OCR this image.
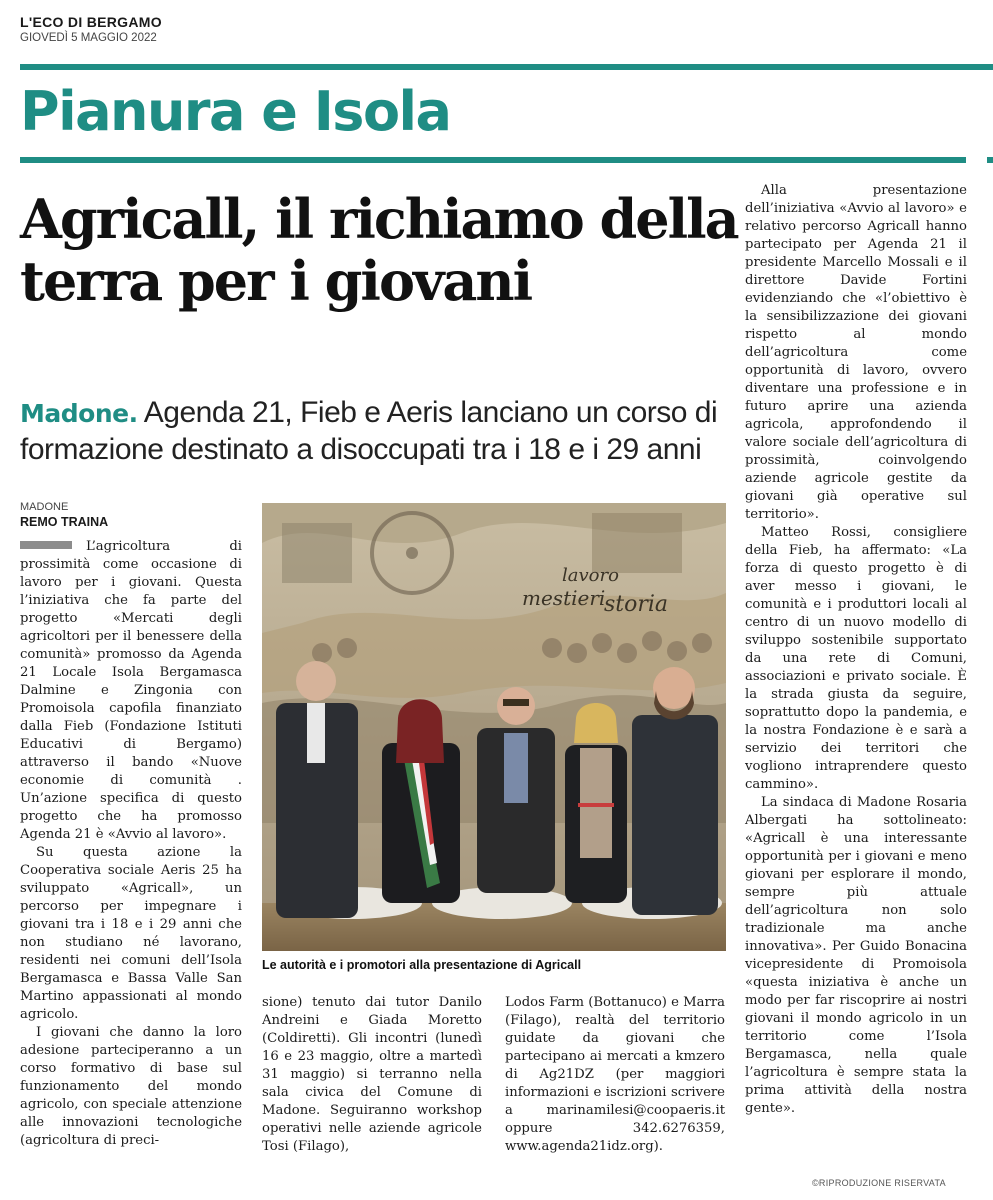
L'ECO DI BERGAMO
GIOVEDÌ 5 MAGGIO 2022
Pianura e Isola
Agricall, il richiamo della terra per i giovani
Madone. Agenda 21, Fieb e Aeris lanciano un corso di formazione destinato a disoccupati tra i 18 e i 29 anni
MADONE
REMO TRAINA

L’agricoltura di prossimità come occasione di lavoro per i giovani. Questa l’iniziativa che fa parte del progetto «Mercati degli agricoltori per il benessere della comunità» promosso da Agenda 21 Locale Isola Bergamasca Dalmine e Zingonia con Promoisola capofila finanziato dalla Fieb (Fondazione Istituti Educativi di Bergamo) attraverso il bando «Nuove economie di comunità . Un’azione specifica di questo progetto che ha promosso Agenda 21 è «Avvio al lavoro».

Su questa azione la Cooperativa sociale Aeris 25 ha sviluppato «Agricall», un percorso per impegnare i giovani tra i 18 e i 29 anni che non studiano né lavorano, residenti nei comuni dell’Isola Bergamasca e Bassa Valle San Martino appassionati al mondo agricolo.

I giovani che danno la loro adesione parteciperanno a un corso formativo di base sul funzionamento del mondo agricolo, con speciale attenzione alle innovazioni tecnologiche (agricoltura di preci-

lavoro
mestieri
storia
Le autorità e i promotori alla presentazione di Agricall

sione) tenuto dai tutor Danilo Andreini e Giada Moretto (Coldiretti). Gli incontri (lunedì 16 e 23 maggio, oltre a martedì 31 maggio) si terranno nella sala civica del Comune di Madone. Seguiranno workshop operativi nelle aziende agricole Tosi (Filago),

Lodos Farm (Bottanuco) e Marra (Filago), realtà del territorio guidate da giovani che partecipano ai mercati a kmzero di Ag21DZ (per maggiori informazioni e iscrizioni scrivere a marinamilesi@coopaeris.it oppure 342.6276359, www.agenda21idz.org).

Alla presentazione dell’iniziativa «Avvio al lavoro» e relativo percorso Agricall hanno partecipato per Agenda 21 il presidente Marcello Mossali e il direttore Davide Fortini evidenziando che «l’obiettivo è la sensibilizzazione dei giovani rispetto al mondo dell’agricoltura come opportunità di lavoro, ovvero diventare una professione e in futuro aprire una azienda agricola, approfondendo il valore sociale dell’agricoltura di prossimità, coinvolgendo aziende agricole gestite da giovani già operative sul territorio».

Matteo Rossi, consigliere della Fieb, ha affermato: «La forza di questo progetto è di aver messo i giovani, le comunità e i produttori locali al centro di un nuovo modello di sviluppo sostenibile supportato da una rete di Comuni, associazioni e privato sociale. È la strada giusta da seguire, soprattutto dopo la pandemia, e la nostra Fondazione è e sarà a servizio dei territori che vogliono intraprendere questo cammino».

La sindaca di Madone Rosaria Albergati ha sottolineato: «Agricall è una interessante opportunità per i giovani e meno giovani per esplorare il mondo, sempre più attuale dell’agricoltura non solo tradizionale ma anche innovativa». Per Guido Bonacina vicepresidente di Promoisola «questa iniziativa è anche un modo per far riscoprire ai nostri giovani il mondo agricolo in un territorio come l’Isola Bergamasca, nella quale l’agricoltura è sempre stata la prima attività della nostra gente».

©RIPRODUZIONE RISERVATA
